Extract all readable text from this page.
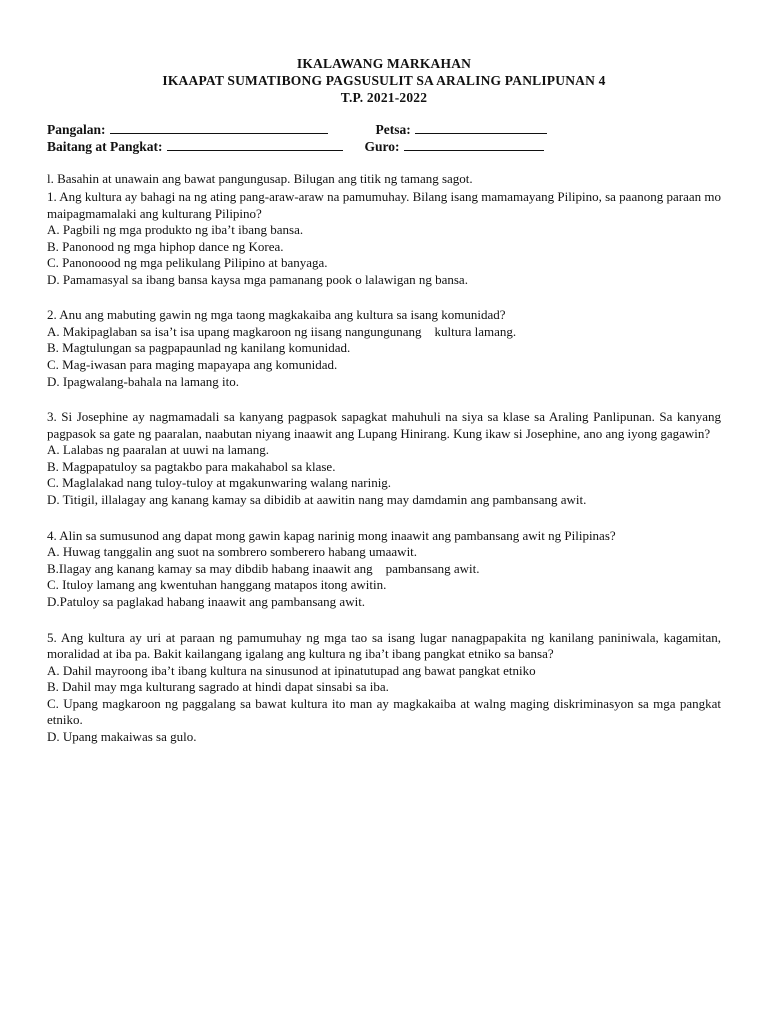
IKALAWANG MARKAHAN
IKAAPAT SUMATIBONG PAGSUSULIT SA ARALING PANLIPUNAN 4
T.P. 2021-2022
Pangalan:	Petsa:
Baitang at Pangkat:	Guro:
l. Basahin at unawain ang bawat pangungusap. Bilugan ang titik ng tamang sagot.
1. Ang kultura ay bahagi na ng ating pang-araw-araw na pamumuhay. Bilang isang mamamayang Pilipino, sa paanong paraan mo maipagmamalaki ang kulturang Pilipino?
A. Pagbili ng mga produkto ng iba’t ibang bansa.
B. Panonood ng mga hiphop dance ng Korea.
C. Panonoood ng mga pelikulang Pilipino at banyaga.
D. Pamamasyal sa ibang bansa kaysa mga pamanang pook o lalawigan ng bansa.
2. Anu ang mabuting gawin ng mga taong magkakaiba ang kultura sa isang komunidad?
A. Makipaglaban sa isa’t isa upang magkaroon ng iisang nangungunang    kultura lamang.
B. Magtulungan sa pagpapaunlad ng kanilang komunidad.
C. Mag-iwasan para maging mapayapa ang komunidad.
D. Ipagwalang-bahala na lamang ito.
3. Si Josephine ay nagmamadali sa kanyang pagpasok sapagkat mahuhuli na siya sa klase sa Araling Panlipunan. Sa kanyang pagpasok sa gate ng paaralan, naabutan niyang inaawit ang Lupang Hinirang. Kung ikaw si Josephine, ano ang iyong gagawin?
A. Lalabas ng paaralan at uuwi na lamang.
B. Magpapatuloy sa pagtakbo para makahabol sa klase.
C. Maglalakad nang tuloy-tuloy at mgakunwaring walang narinig.
D. Titigil, illalagay ang kanang kamay sa dibidib at aawitin nang may damdamin ang pambansang awit.
4. Alin sa sumusunod ang dapat mong gawin kapag narinig mong inaawit ang pambansang awit ng Pilipinas?
A. Huwag tanggalin ang suot na sombrero somberero habang umaawit.
B.Ilagay ang kanang kamay sa may dibdib habang inaawit ang    pambansang awit.
C. Ituloy lamang ang kwentuhan hanggang matapos itong awitin.
D.Patuloy sa paglakad habang inaawit ang pambansang awit.
5. Ang kultura ay uri at paraan ng pamumuhay ng mga tao sa isang lugar nanagpapakita ng kanilang paniniwala, kagamitan, moralidad at iba pa. Bakit kailangang igalang ang kultura ng iba’t ibang pangkat etniko sa bansa?
A. Dahil mayroong iba’t ibang kultura na sinusunod at ipinatutupad ang bawat pangkat etniko
B. Dahil may mga kulturang sagrado at hindi dapat sinsabi sa iba.
C. Upang magkaroon ng paggalang sa bawat kultura ito man ay magkakaiba at walng maging diskriminasyon sa mga pangkat etniko.
D. Upang makaiwas sa gulo.
